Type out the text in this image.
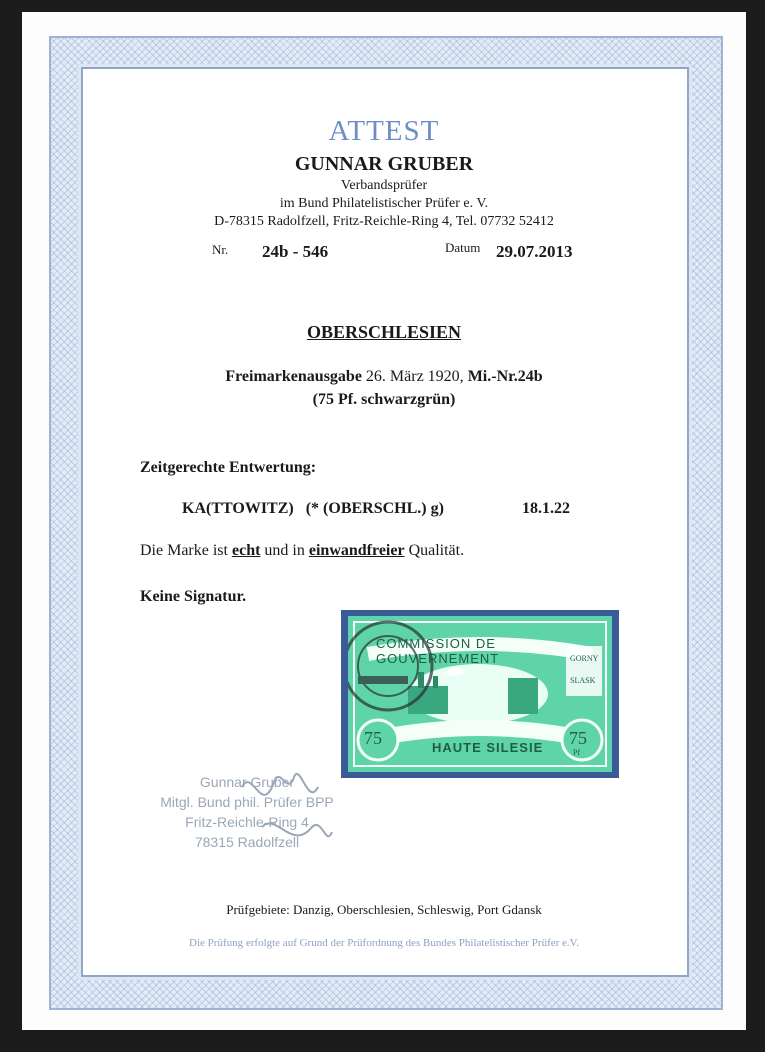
ATTEST
GUNNAR GRUBER
Verbandsprüfer
im Bund Philatelistischer Prüfer e. V.
D-78315 Radolfzell, Fritz-Reichle-Ring 4, Tel. 07732 52412
Nr. 24b - 546	Datum 29.07.2013
OBERSCHLESIEN
Freimarkenausgabe 26. März 1920, Mi.-Nr.24b
(75 Pf. schwarzgrün)
Zeitgerechte Entwertung:
KA(TTOWITZ)   (* (OBERSCHL.) g)	18.1.22
Die Marke ist echt und in einwandfreier Qualität.
Keine Signatur.
COMMISSION DE GOUVERNEMENT
HAUTE SILESIE
75	75
Pf
GORNY
SLASK
Gunnar Gruber
Mitgl. Bund phil. Prüfer BPP
Fritz-Reichle-Ring 4
78315 Radolfzell
Prüfgebiete: Danzig, Oberschlesien, Schleswig, Port Gdansk
Die Prüfung erfolgte auf Grund der Prüfordnung des Bundes Philatelistischer Prüfer e.V.
